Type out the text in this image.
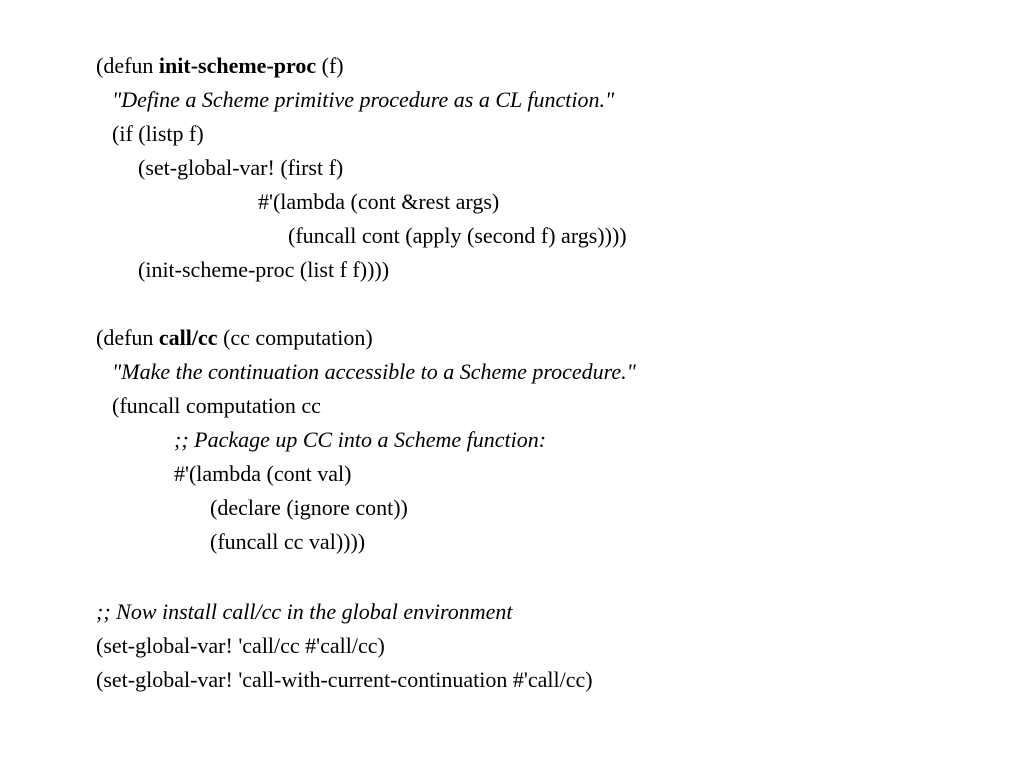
(defun init-scheme-proc (f)
"Define a Scheme primitive procedure as a CL function."
(if (listp f)
(set-global-var! (first f)
#'(lambda (cont &rest args)
(funcall cont (apply (second f) args))))
(init-scheme-proc (list f f))))
(defun call/cc (cc computation)
"Make the continuation accessible to a Scheme procedure."
(funcall computation cc
;; Package up CC into a Scheme function:
#'(lambda (cont val)
(declare (ignore cont))
(funcall cc val))))
;; Now install call/cc in the global environment
(set-global-var! 'call/cc #'call/cc)
(set-global-var! 'call-with-current-continuation #'call/cc)
